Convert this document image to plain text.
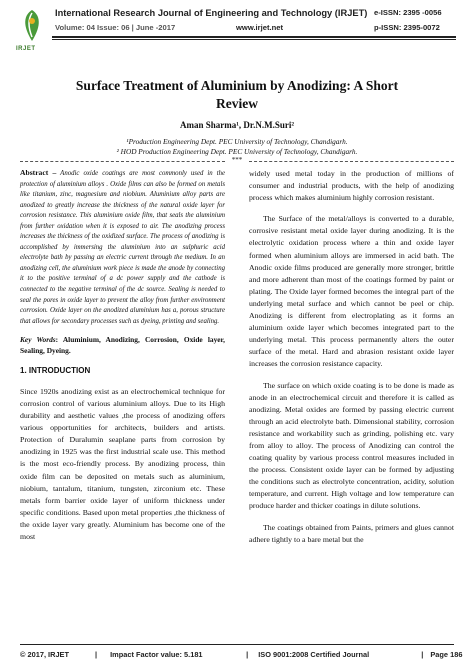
IRJET
International Research Journal of Engineering and Technology (IRJET) e-ISSN: 2395 -0056
Volume: 04 Issue: 06 | June -2017	www.irjet.net	p-ISSN: 2395-0072
Surface Treatment of Aluminium by Anodizing: A Short
Review
Aman Sharma¹, Dr.N.M.Suri²
¹Production Engineering Dept. PEC University of Technology, Chandigarh.
² HOD Production Engineering Dept. PEC University of Technology, Chandigarh.
***
Abstract – Anodic oxide coatings are most commonly used in the protection of aluminium alloys . Oxide films can also be formed on metals like titanium, zinc, magnesium and niobium. Aluminium alloy parts are anodized to greatly increase the thickness of the natural oxide layer for corrosion resistance. This aluminium oxide film, that seals the aluminium from further oxidation when it is exposed to air. The anodizing process increases the thickness of the oxidized surface. The process of anodizing is accomplished by immersing the aluminium into an sulphuric acid electrolyte bath by passing an electric current through the medium. In an anodizing cell, the aluminium work piece is made the anode by connecting it to the positive terminal of a dc power supply and the cathode is connected to the negative terminal of the dc source. Sealing is needed to seal the pores in oxide layer to prevent the alloy from further environment corrosion. Oxide layer on the anodized aluminium has a, porous structure that allows for secondary processes such as dyeing, printing and sealing.
Key Words: Aluminium, Anodizing, Corrosion, Oxide layer, Sealing, Dyeing.
1. INTRODUCTION
Since 1920s anodizing exist as an electrochemical technique for corrosion control of various aluminium alloys. Due to its High durability and aesthetic values ,the process of anodizing offers various opportunities for architects, builders and artists. Protection of Duralumin seaplane parts from corrosion by anodizing in 1925 was the first industrial scale use. This method is the most eco-friendly process. By anodizing process, thin oxide film can be deposited on metals such as aluminium, niobium, tantalum, titanium, tungsten, zirconium etc. These metals form barrier oxide layer of uniform thickness under specific conditions. Based upon metal properties ,the thickness of the oxide layer vary greatly. Aluminium has become one of the most
widely used metal today in the production of millions of consumer and industrial products, with the help of anodizing process which makes aluminium highly corrosion resistant.
The Surface of the metal/alloys is converted to a durable, corrosive resistant metal oxide layer during anodizing. It is the electrolytic oxidation process where a thin and oxide layer formed when aluminium alloys are immersed in acid bath. The Anodic oxide films produced are generally more stronger, brittle and more adherent than most of the coatings formed by paint or plating. The Oxide layer formed becomes the integral part of the underlying metal surface and which cannot be peel or chip. Anodizing is different from electroplating as it forms an aluminium oxide layer which becomes integrated part to the underlying metal. This process permanently alters the outer surface of the metal. Hard and abrasion resistant oxide layer increases the corrosion resistance capacity.
The surface on which oxide coating is to be done is made as anode in an electrochemical circuit and therefore it is called as anodizing. Metal oxides are formed by passing electric current through an acid electrolyte bath. Dimensional stability, corrosion resistance and workability such as grinding, polishing etc. vary from alloy to alloy. The process of Anodizing can control the coating quality by various process control measures included in the process. Consistent oxide layer can be formed by adjusting the conditions such as electrolyte concentration, acidity, solution temperature, and current. High voltage and low temperature can produce harder and thicker coatings in dilute solutions.
The coatings obtained from Paints, primers and glues cannot adhere tightly to a bare metal but the
© 2017, IRJET	| Impact Factor value: 5.181	| ISO 9001:2008 Certified Journal	| Page 186
